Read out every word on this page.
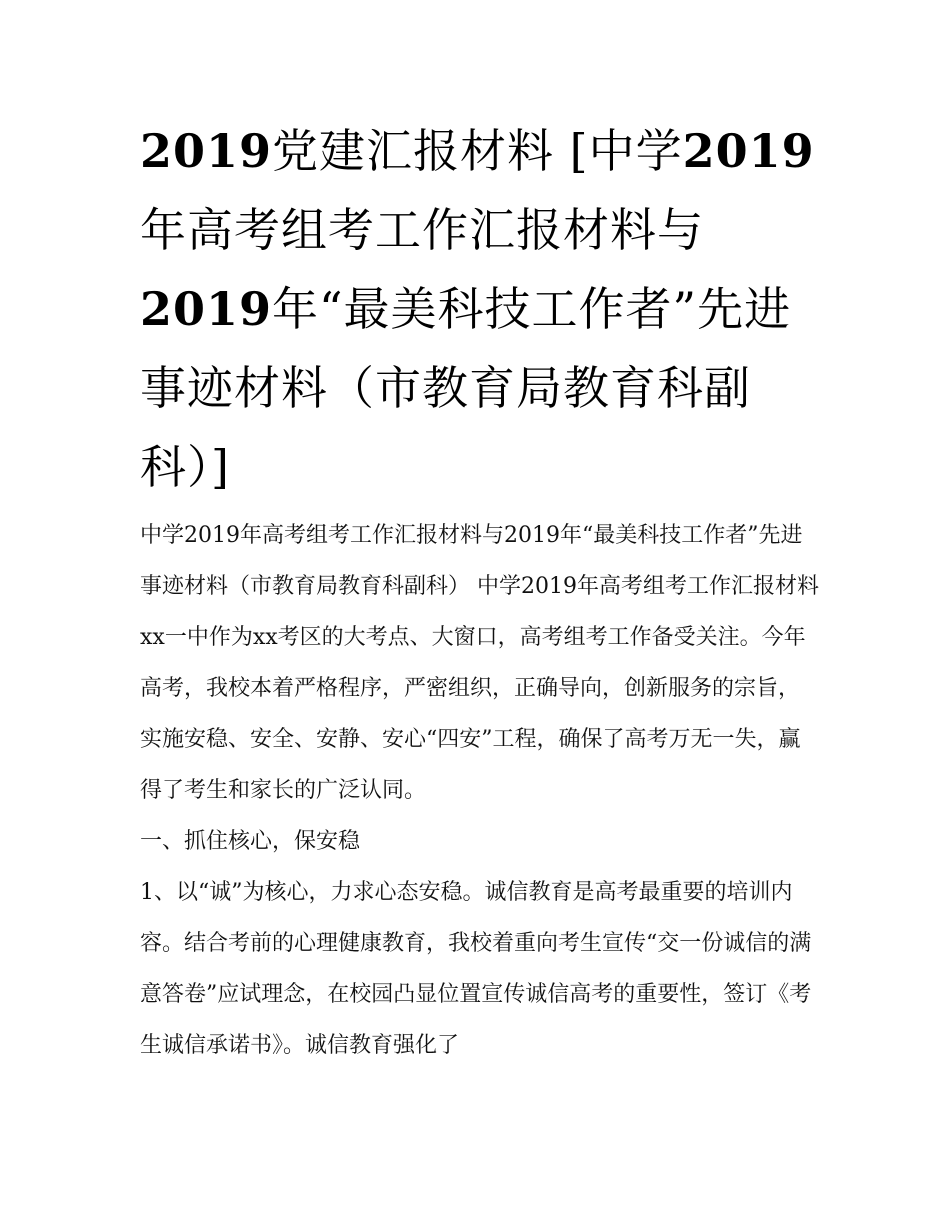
2019党建汇报材料 [中学2019年高考组考工作汇报材料与2019年“最美科技工作者”先进事迹材料（市教育局教育科副科）]

中学2019年高考组考工作汇报材料与2019年“最美科技工作者”先进事迹材料（市教育局教育科副科） 中学2019年高考组考工作汇报材料

xx一中作为xx考区的大考点、大窗口，高考组考工作备受关注。今年高考，我校本着严格程序，严密组织，正确导向，创新服务的宗旨，实施安稳、安全、安静、安心“四安”工程，确保了高考万无一失，赢得了考生和家长的广泛认同。

一、抓住核心，保安稳

1、以“诚”为核心，力求心态安稳。诚信教育是高考最重要的培训内容。结合考前的心理健康教育，我校着重向考生宣传“交一份诚信的满意答卷”应试理念，在校园凸显位置宣传诚信高考的重要性，签订《考生诚信承诺书》。诚信教育强化了
